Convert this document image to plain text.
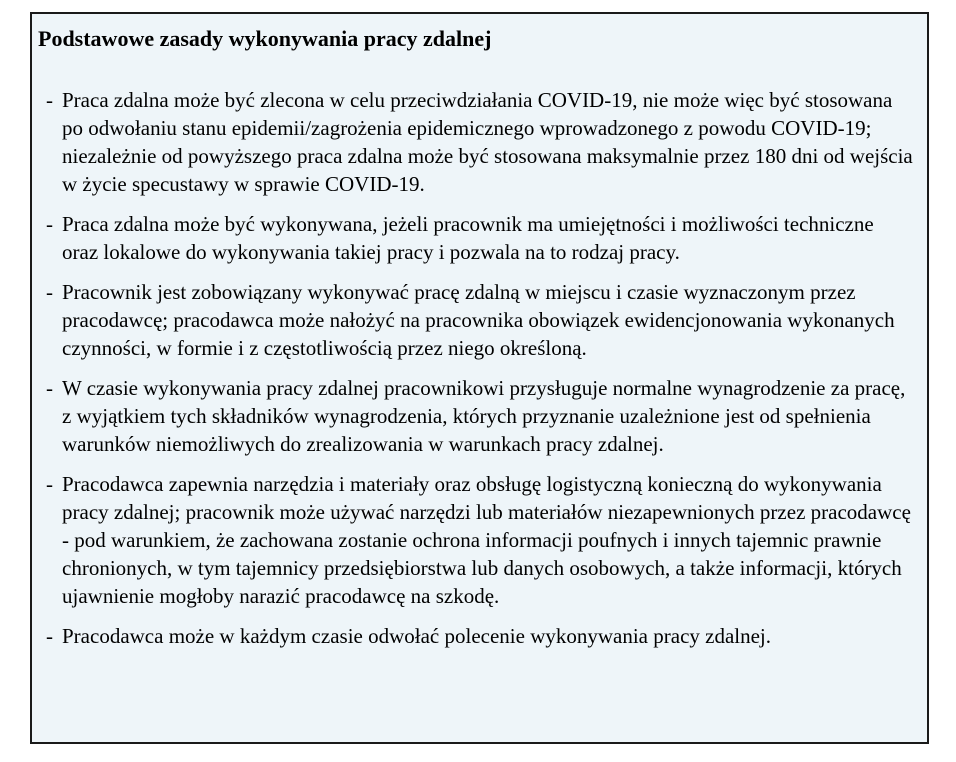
Podstawowe zasady wykonywania pracy zdalnej
- Praca zdalna może być zlecona w celu przeciwdziałania COVID-19, nie może więc być stosowana po odwołaniu stanu epidemii/zagrożenia epidemicznego wprowadzonego z powodu COVID-19; niezależnie od powyższego praca zdalna może być stosowana maksymalnie przez 180 dni od wejścia w życie specustawy w sprawie COVID-19.
- Praca zdalna może być wykonywana, jeżeli pracownik ma umiejętności i możliwości techniczne oraz lokalowe do wykonywania takiej pracy i pozwala na to rodzaj pracy.
- Pracownik jest zobowiązany wykonywać pracę zdalną w miejscu i czasie wyznaczonym przez pracodawcę; pracodawca może nałożyć na pracownika obowiązek ewidencjonowania wykonanych czynności, w formie i z częstotliwością przez niego określoną.
- W czasie wykonywania pracy zdalnej pracownikowi przysługuje normalne wynagrodzenie za pracę, z wyjątkiem tych składników wynagrodzenia, których przyznanie uzależnione jest od spełnienia warunków niemożliwych do zrealizowania w warunkach pracy zdalnej.
- Pracodawca zapewnia narzędzia i materiały oraz obsługę logistyczną konieczną do wykonywania pracy zdalnej; pracownik może używać narzędzi lub materiałów niezapewnionych przez pracodawcę - pod warunkiem, że zachowana zostanie ochrona informacji poufnych i innych tajemnic prawnie chronionych, w tym tajemnicy przedsiębiorstwa lub danych osobowych, a także informacji, których ujawnienie mogłoby narazić pracodawcę na szkodę.
- Pracodawca może w każdym czasie odwołać polecenie wykonywania pracy zdalnej.
